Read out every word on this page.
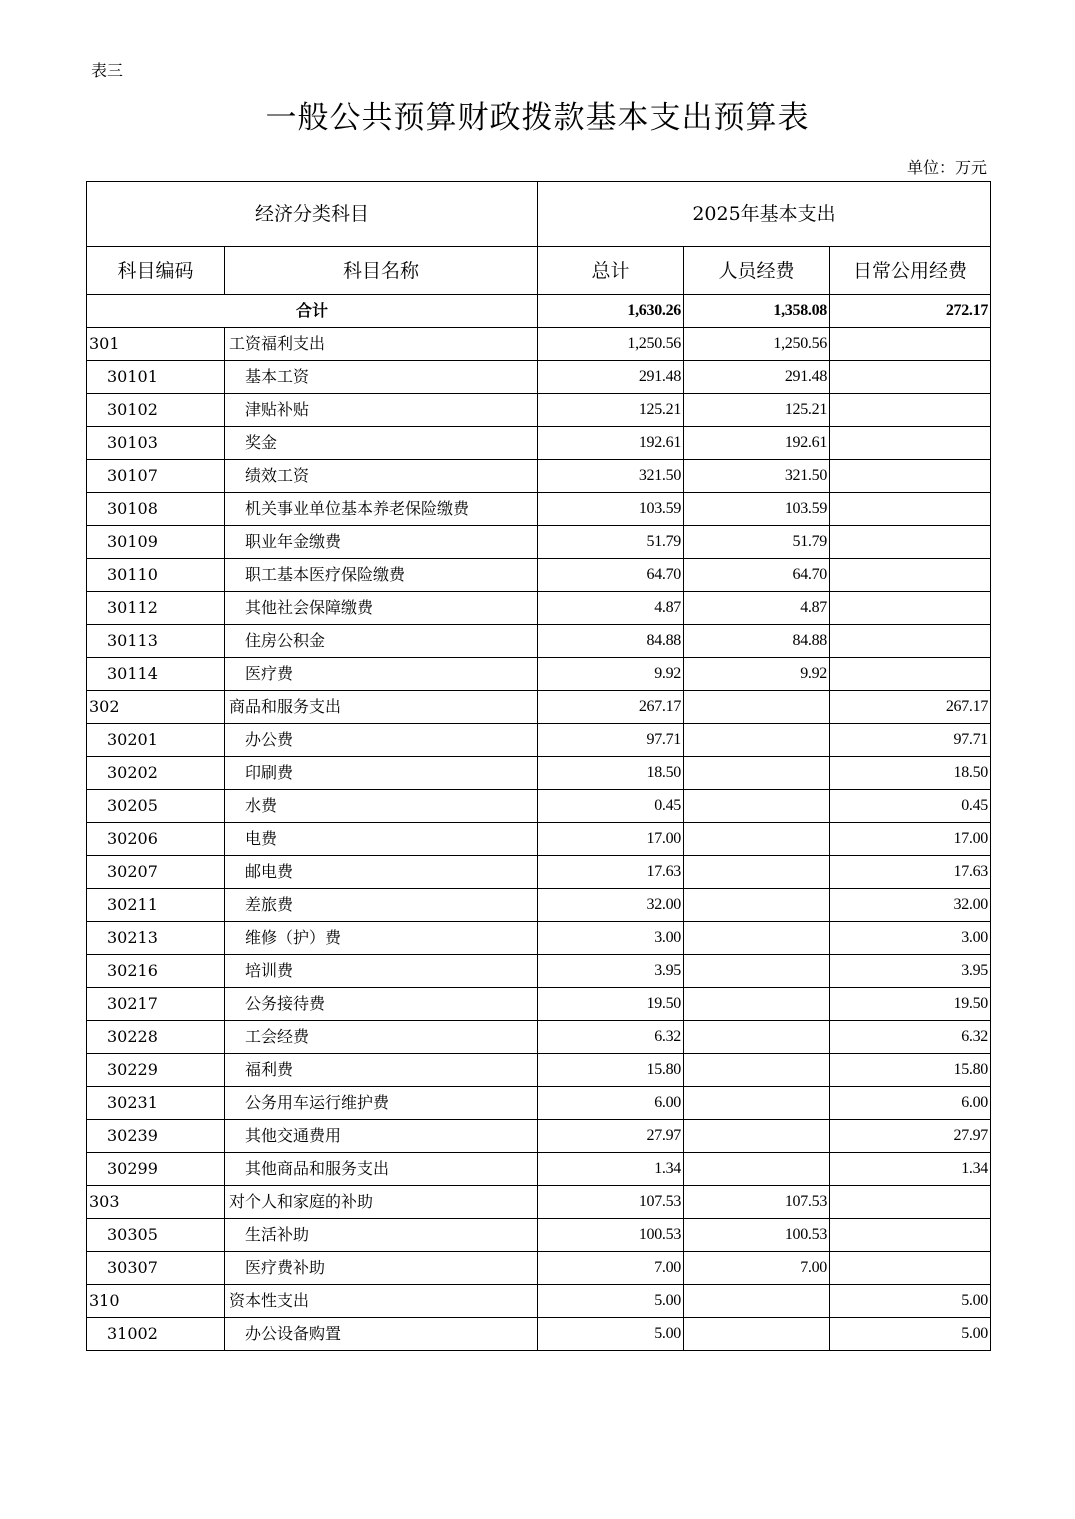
表三
一般公共预算财政拨款基本支出预算表
单位：万元
经济分类科目		2025年基本支出		
科目编码	科目名称	总计	人员经费	日常公用经费
合计		1,630.26	1,358.08	272.17
301	工资福利支出	1,250.56	1,250.56	
30101	基本工资	291.48	291.48	
30102	津贴补贴	125.21	125.21	
30103	奖金	192.61	192.61	
30107	绩效工资	321.50	321.50	
30108	机关事业单位基本养老保险缴费	103.59	103.59	
30109	职业年金缴费	51.79	51.79	
30110	职工基本医疗保险缴费	64.70	64.70	
30112	其他社会保障缴费	4.87	4.87	
30113	住房公积金	84.88	84.88	
30114	医疗费	9.92	9.92	
302	商品和服务支出	267.17		267.17
30201	办公费	97.71		97.71
30202	印刷费	18.50		18.50
30205	水费	0.45		0.45
30206	电费	17.00		17.00
30207	邮电费	17.63		17.63
30211	差旅费	32.00		32.00
30213	维修（护）费	3.00		3.00
30216	培训费	3.95		3.95
30217	公务接待费	19.50		19.50
30228	工会经费	6.32		6.32
30229	福利费	15.80		15.80
30231	公务用车运行维护费	6.00		6.00
30239	其他交通费用	27.97		27.97
30299	其他商品和服务支出	1.34		1.34
303	对个人和家庭的补助	107.53	107.53	
30305	生活补助	100.53	100.53	
30307	医疗费补助	7.00	7.00	
310	资本性支出	5.00		5.00
31002	办公设备购置	5.00		5.00
